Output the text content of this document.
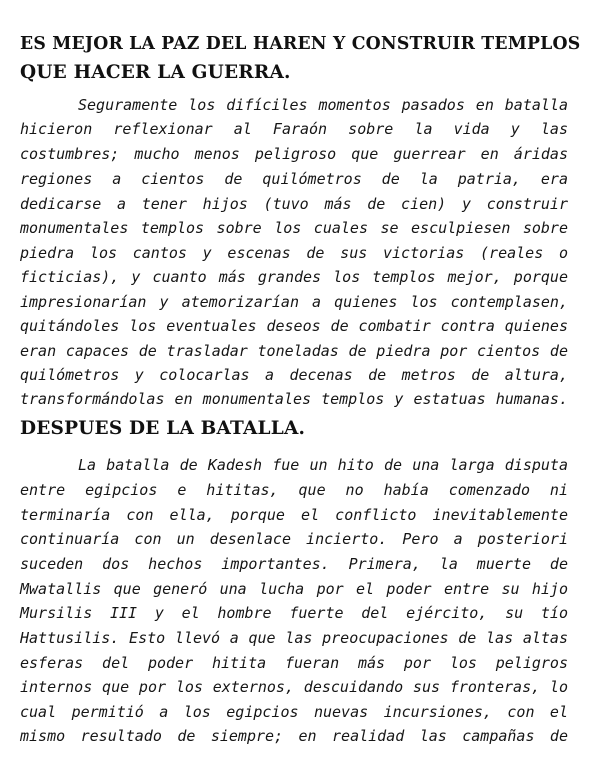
ES MEJOR LA PAZ DEL HAREN Y CONSTRUIR TEMPLOS
QUE HACER LA GUERRA.

Seguramente los difíciles momentos pasados en batalla

hicieron reflexionar al Faraón sobre la vida y las

costumbres; mucho menos peligroso que guerrear en áridas

regiones a cientos de quilómetros de la patria, era

dedicarse a tener hijos (tuvo más de cien) y construir

monumentales templos sobre los cuales se esculpiesen sobre

piedra los cantos y escenas de sus victorias (reales o

ficticias), y cuanto más grandes los templos mejor, porque

impresionarían y atemorizarían a quienes los contemplasen,

quitándoles los eventuales deseos de combatir contra quienes

eran capaces de trasladar toneladas de piedra por cientos de

quilómetros y colocarlas a decenas de metros de altura,

transformándolas en monumentales templos y estatuas humanas.

DESPUES DE LA BATALLA.

La batalla de Kadesh fue un hito de una larga disputa

entre egipcios e hititas, que no había comenzado ni

terminaría con ella, porque el conflicto inevitablemente

continuaría con un desenlace incierto. Pero a posteriori

suceden dos hechos importantes. Primera, la muerte de

Mwatallis que generó una lucha por el poder entre su hijo

Mursilis III y el hombre fuerte del ejército, su tío

Hattusilis. Esto llevó a que las preocupaciones de las altas

esferas del poder hitita fueran más por los peligros

internos que por los externos, descuidando sus fronteras, lo

cual permitió a los egipcios nuevas incursiones, con el

mismo resultado de siempre; en realidad las campañas de
